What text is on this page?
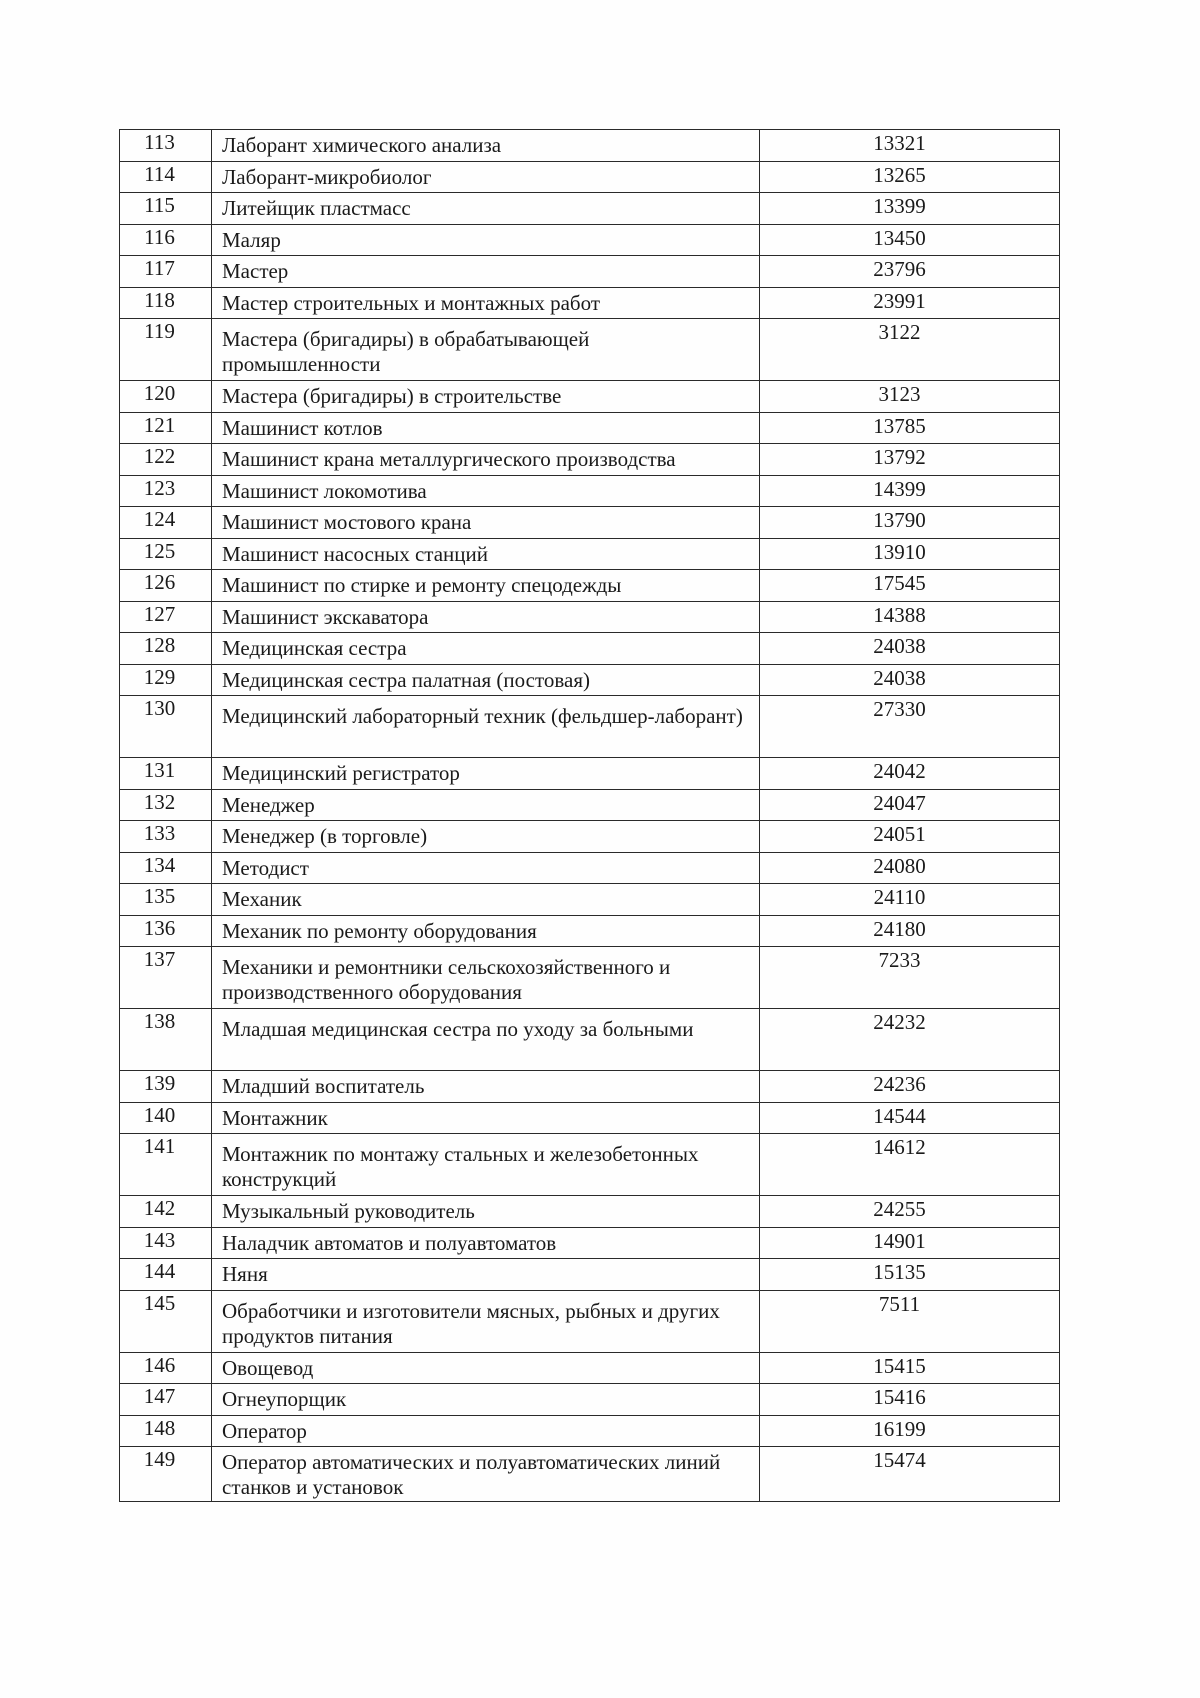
113	Лаборант химического анализа	13321
114	Лаборант-микробиолог	13265
115	Литейщик пластмасс	13399
116	Маляр	13450
117	Мастер	23796
118	Мастер строительных и монтажных работ	23991
119	Мастера (бригадиры) в обрабатывающей промышленности	3122
120	Мастера (бригадиры) в строительстве	3123
121	Машинист котлов	13785
122	Машинист крана металлургического производства	13792
123	Машинист локомотива	14399
124	Машинист мостового крана	13790
125	Машинист насосных станций	13910
126	Машинист по стирке и ремонту спецодежды	17545
127	Машинист экскаватора	14388
128	Медицинская сестра	24038
129	Медицинская сестра палатная (постовая)	24038
130	Медицинский лабораторный техник (фельдшер-лаборант)	27330
131	Медицинский регистратор	24042
132	Менеджер	24047
133	Менеджер (в торговле)	24051
134	Методист	24080
135	Механик	24110
136	Механик по ремонту оборудования	24180
137	Механики и ремонтники сельскохозяйственного и производственного оборудования	7233
138	Младшая медицинская сестра по уходу за больными	24232
139	Младший воспитатель	24236
140	Монтажник	14544
141	Монтажник по монтажу стальных и железобетонных конструкций	14612
142	Музыкальный руководитель	24255
143	Наладчик автоматов и полуавтоматов	14901
144	Няня	15135
145	Обработчики и изготовители мясных, рыбных и других продуктов питания	7511
146	Овощевод	15415
147	Огнеупорщик	15416
148	Оператор	16199
149	Оператор автоматических и полуавтоматических линий станков и установок	15474
